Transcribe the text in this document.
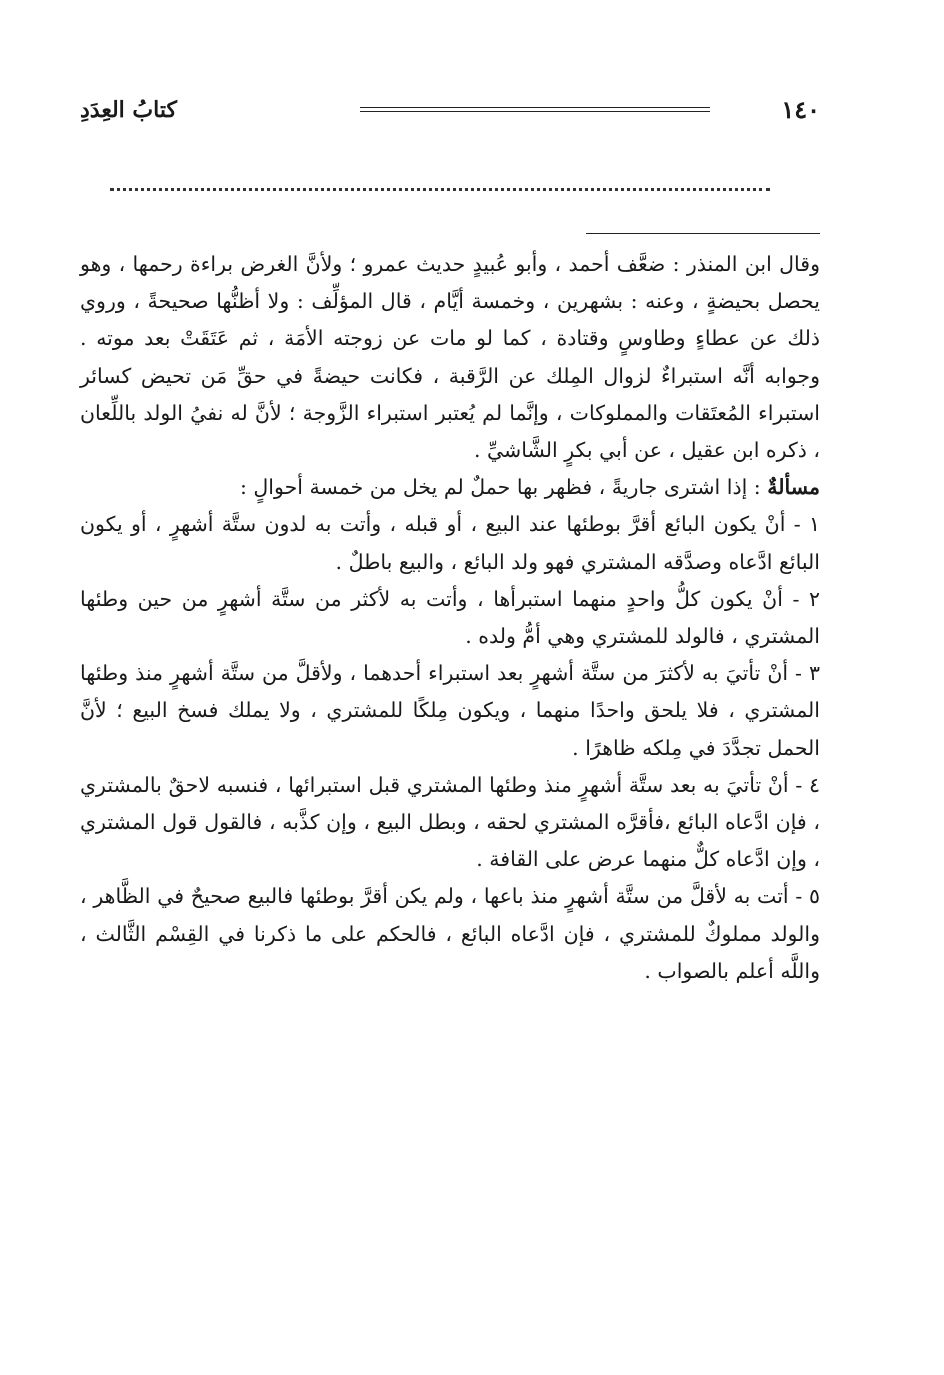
١٤٠
كتابُ العِدَدِ

وقال ابن المنذر : ضعَّف أحمد ، وأبو عُبيدٍ حديث عمرو ؛ ولأنَّ الغرض براءة رحمها ، وهو يحصل بحيضةٍ ، وعنه : بشهرين ، وخمسة أيَّام ، قال المؤلِّف : ولا أظنُّها صحيحةً ، وروي ذلك عن عطاءٍ وطاوسٍ وقتادة ، كما لو مات عن زوجته الأمَة ، ثم عَتَقَتْ بعد موته . وجوابه أنَّه استبراءٌ لزوال المِلك عن الرَّقبة ، فكانت حيضةً في حقِّ مَن تحيض كسائر استبراء المُعتَقات والمملوكات ، وإنَّما لم يُعتبر استبراء الزَّوجة ؛ لأنَّ له نفيُ الولد باللِّعان ، ذكره ابن عقيل ، عن أبي بكرٍ الشَّاشيِّ .

مسألةٌ : إذا اشترى جاريةً ، فظهر بها حملٌ لم يخل من خمسة أحوالٍ :

١ - أنْ يكون البائع أقرَّ بوطئها عند البيع ، أو قبله ، وأتت به لدون ستَّة أشهرٍ ، أو يكون البائع ادَّعاه وصدَّقه المشتري فهو ولد البائع ، والبيع باطلٌ .

٢ - أنْ يكون كلُّ واحدٍ منهما استبرأها ، وأتت به لأكثر من ستَّة أشهرٍ من حين وطئها المشتري ، فالولد للمشتري وهي أمُّ ولده .

٣ - أنْ تأتيَ به لأكثرَ من ستَّة أشهرٍ بعد استبراء أحدهما ، ولأقلَّ من ستَّة أشهرٍ منذ وطئها المشتري ، فلا يلحق واحدًا منهما ، ويكون مِلكًا للمشتري ، ولا يملك فسخ البيع ؛ لأنَّ الحمل تجدَّدَ في مِلكه ظاهرًا .

٤ - أنْ تأتيَ به بعد ستَّة أشهرٍ منذ وطئها المشتري قبل استبرائها ، فنسبه لاحقٌ بالمشتري ، فإن ادَّعاه البائع ،فأقرَّه المشتري لحقه ، وبطل البيع ، وإن كذَّبه ، فالقول قول المشتري ، وإن ادَّعاه كلٌّ منهما عرض على القافة .

٥ - أتت به لأقلَّ من ستَّة أشهرٍ منذ باعها ، ولم يكن أقرَّ بوطئها فالبيع صحيحٌ في الظَّاهر ، والولد مملوكٌ للمشتري ، فإن ادَّعاه البائع ، فالحكم على ما ذكرنا في القِسْم الثَّالث ، واللَّه أعلم بالصواب .
